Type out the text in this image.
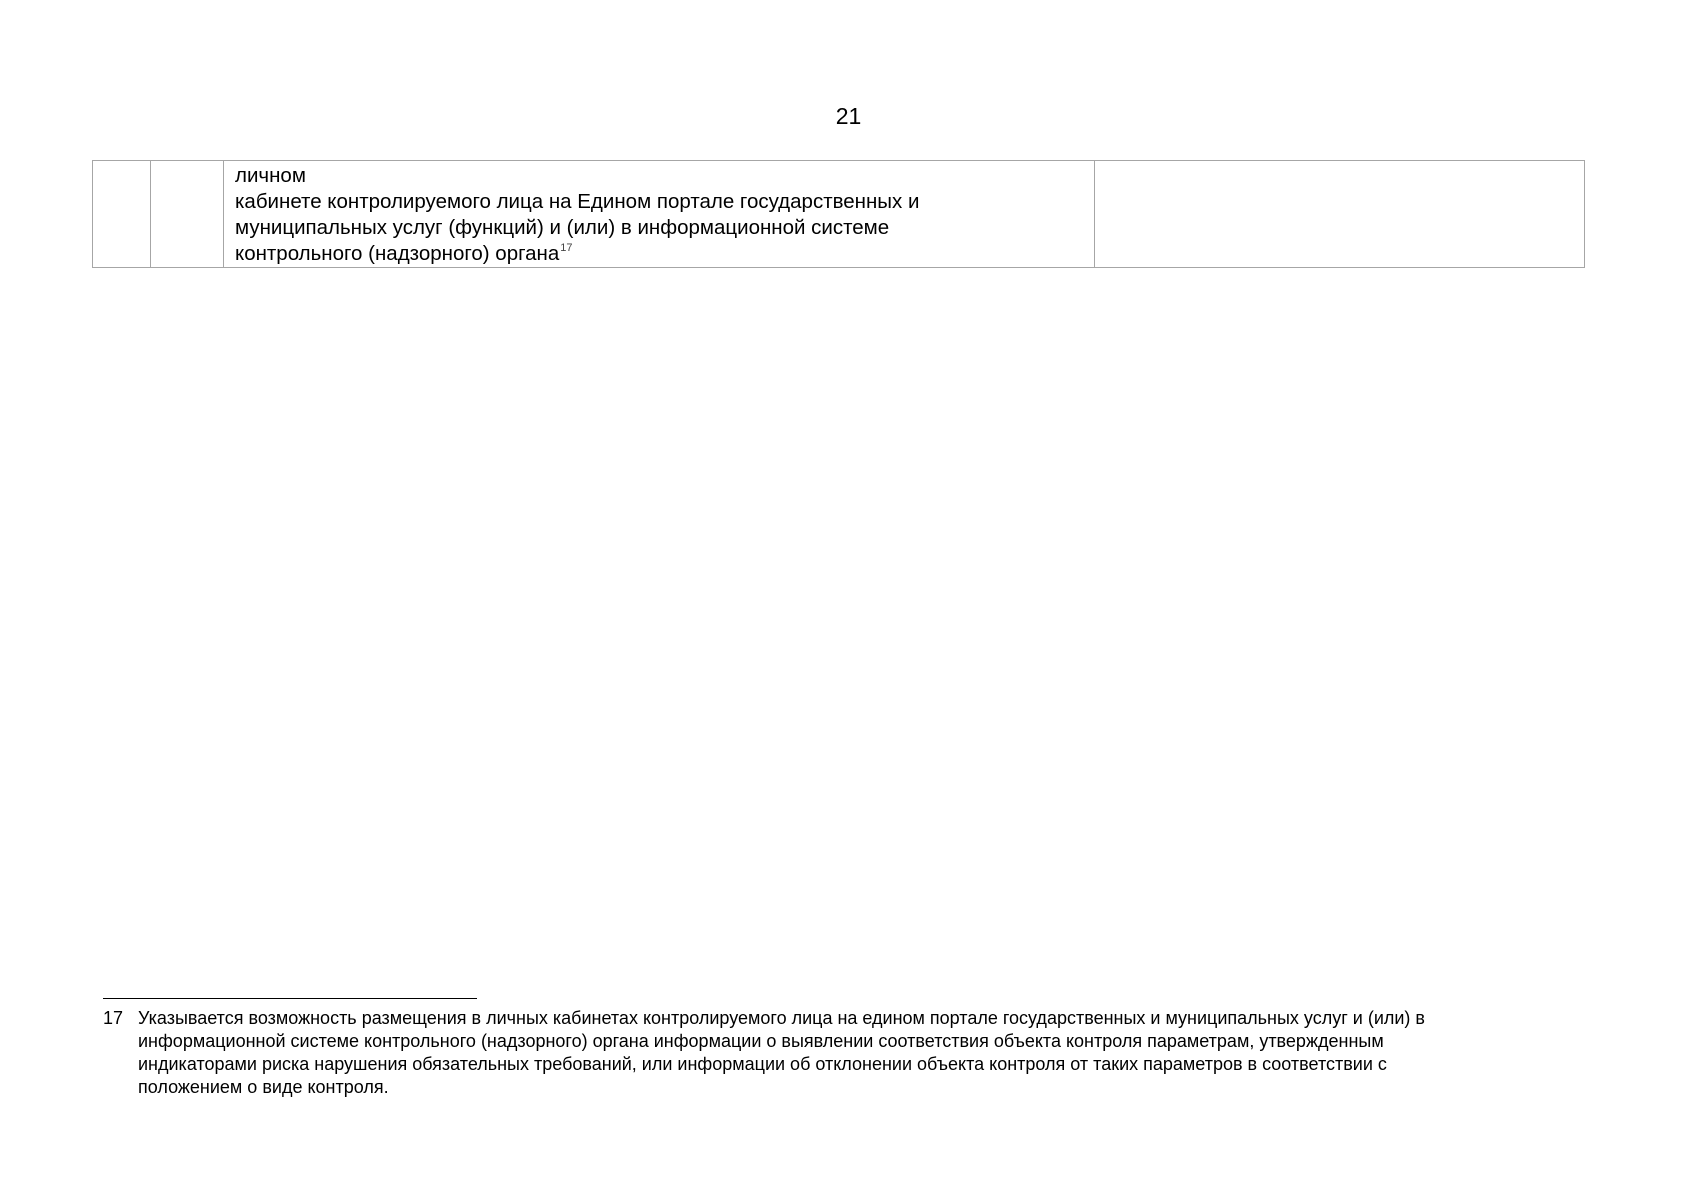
21

личном
кабинете контролируемого лица на Едином портале государственных и
муниципальных услуг (функций) и (или) в информационной системе
контрольного (надзорного) органа$^{17}$

17 Указывается возможность размещения в личных кабинетах контролируемого лица на едином портале государственных и муниципальных услуг и (или) в
информационной системе контрольного (надзорного) органа информации о выявлении соответствия объекта контроля параметрам, утвержденным
индикаторами риска нарушения обязательных требований, или информации об отклонении объекта контроля от таких параметров в соответствии с
положением о виде контроля.
